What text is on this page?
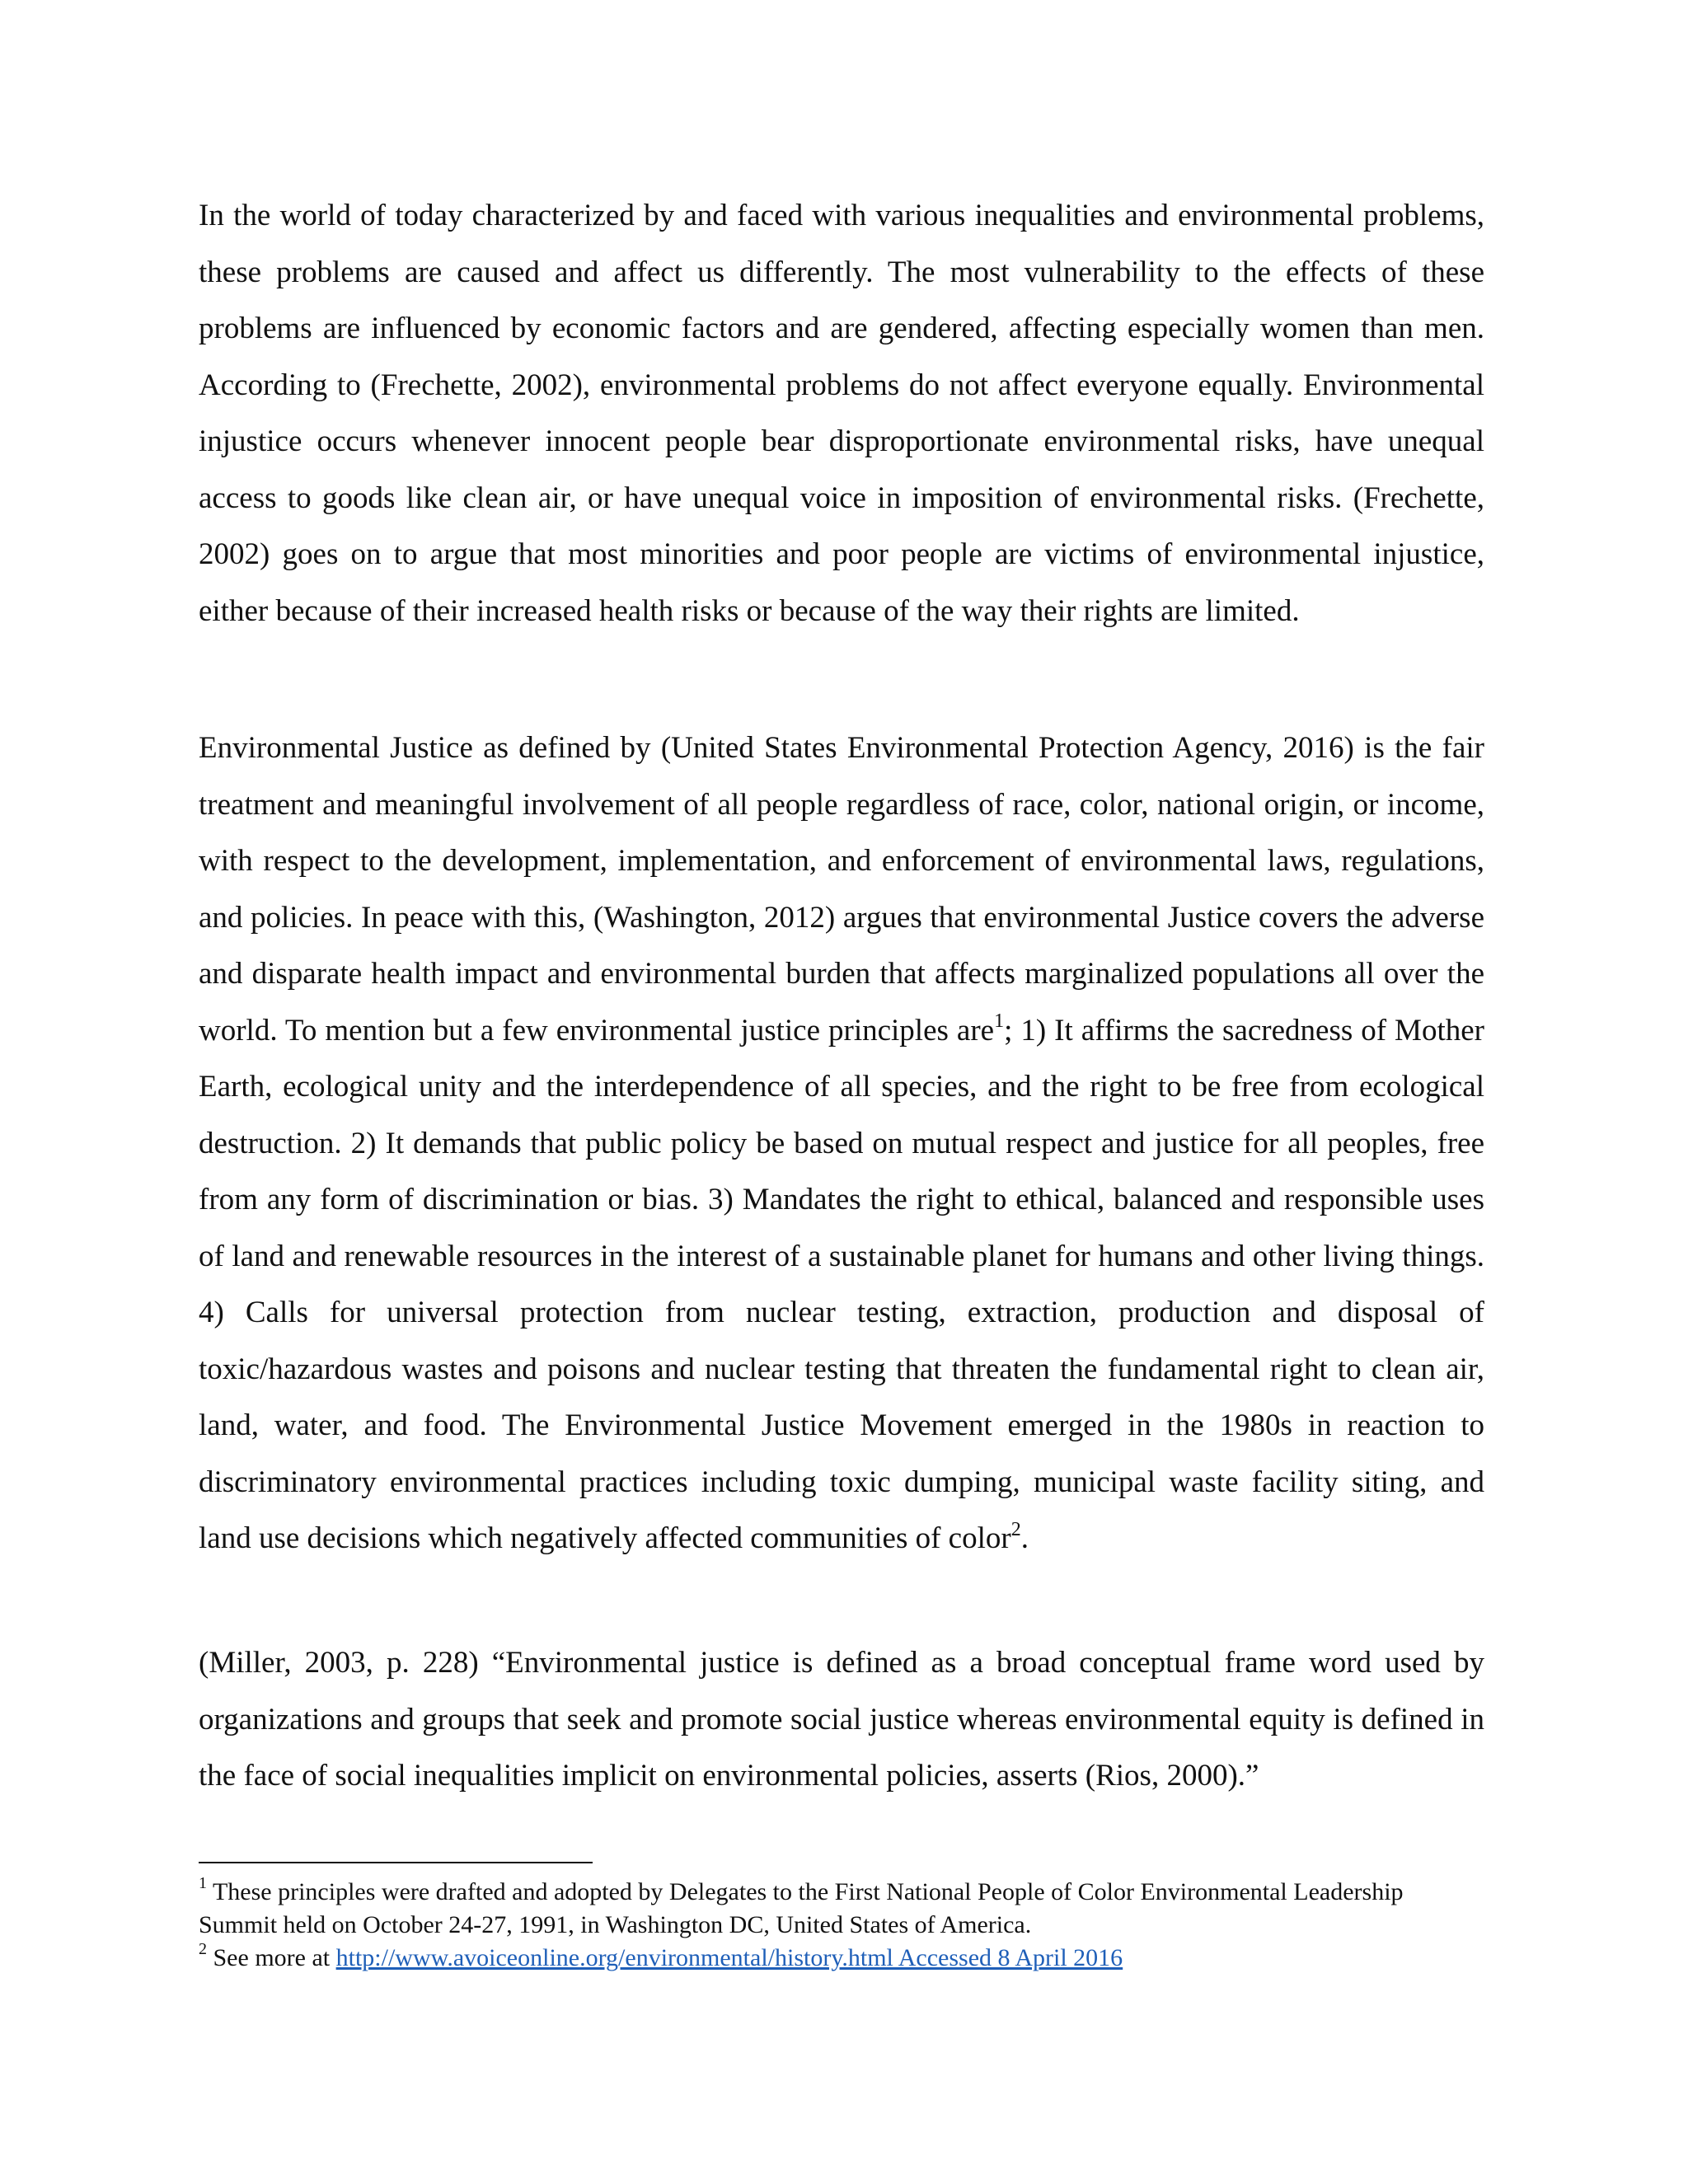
In the world of today characterized by and faced with various inequalities and environmental problems, these problems are caused and affect us differently. The most vulnerability to the effects of these problems are influenced by economic factors and are gendered, affecting especially women than men. According to (Frechette, 2002), environmental problems do not affect everyone equally. Environmental injustice occurs whenever innocent people bear disproportionate environmental risks, have unequal access to goods like clean air, or have unequal voice in imposition of environmental risks. (Frechette, 2002) goes on to argue that most minorities and poor people are victims of environmental injustice, either because of their increased health risks or because of the way their rights are limited.

Environmental Justice as defined by (United States Environmental Protection Agency, 2016) is the fair treatment and meaningful involvement of all people regardless of race, color, national origin, or income, with respect to the development, implementation, and enforcement of environmental laws, regulations, and policies. In peace with this, (Washington, 2012) argues that environmental Justice covers the adverse and disparate health impact and environmental burden that affects marginalized populations all over the world. To mention but a few environmental justice principles are$^1$; 1) It affirms the sacredness of Mother Earth, ecological unity and the interdependence of all species, and the right to be free from ecological destruction. 2) It demands that public policy be based on mutual respect and justice for all peoples, free from any form of discrimination or bias. 3) Mandates the right to ethical, balanced and responsible uses of land and renewable resources in the interest of a sustainable planet for humans and other living things. 4) Calls for universal protection from nuclear testing, extraction, production and disposal of toxic/hazardous wastes and poisons and nuclear testing that threaten the fundamental right to clean air, land, water, and food. The Environmental Justice Movement emerged in the 1980s in reaction to discriminatory environmental practices including toxic dumping, municipal waste facility siting, and land use decisions which negatively affected communities of color$^2$.

(Miller, 2003, p. 228) “Environmental justice is defined as a broad conceptual frame word used by organizations and groups that seek and promote social justice whereas environmental equity is defined in the face of social inequalities implicit on environmental policies, asserts (Rios, 2000).”

$^1$ These principles were drafted and adopted by Delegates to the First National People of Color Environmental Leadership Summit held on October 24-27, 1991, in Washington DC, United States of America.

$^2$ See more at http://www.avoiceonline.org/environmental/history.html Accessed 8 April 2016
